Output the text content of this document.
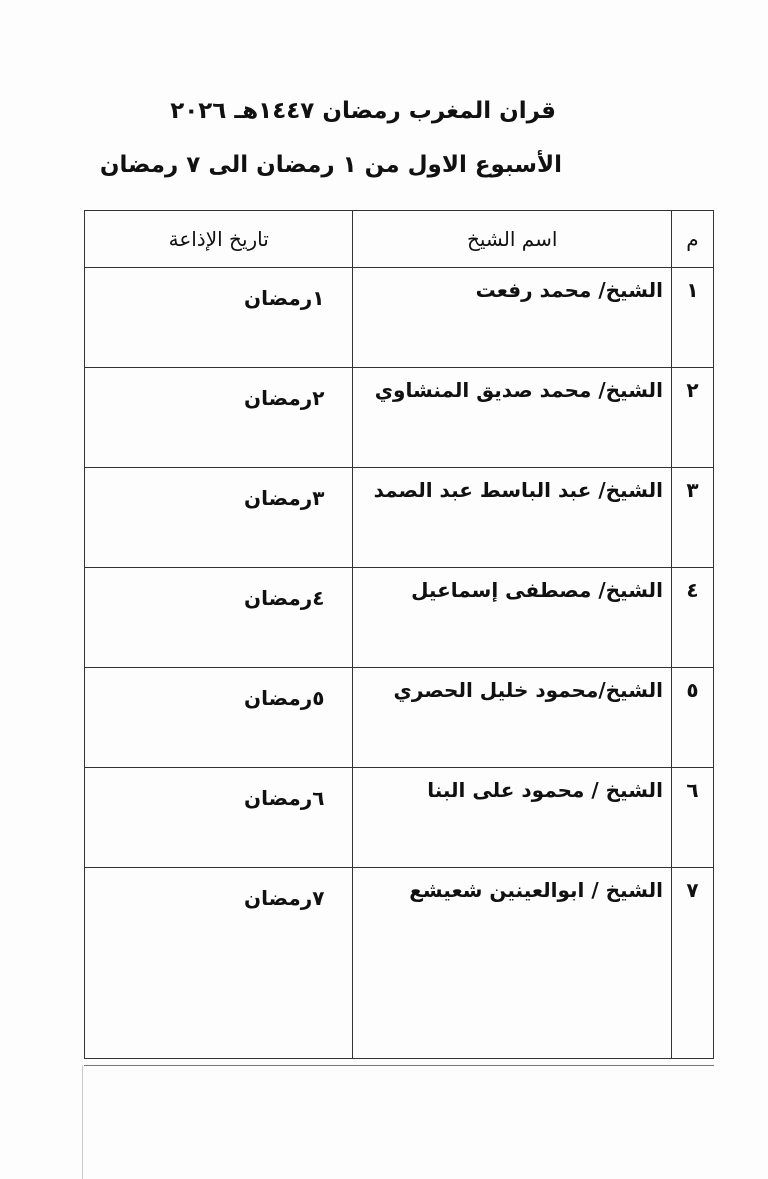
قران المغرب رمضان ١٤٤٧هـ ٢٠٢٦
الأسبوع الاول من ١ رمضان الى ٧ رمضان
م	اسم الشيخ	تاريخ الإذاعة

١	الشيخ/ محمد رفعت	١رمضان

٢	الشيخ/ محمد صديق المنشاوي	٢رمضان

٣	الشيخ/ عبد الباسط عبد الصمد	٣رمضان

٤	الشيخ/ مصطفى إسماعيل	٤رمضان

٥	الشيخ/محمود خليل الحصري	٥رمضان

٦	الشيخ / محمود على البنا	٦رمضان

٧	الشيخ / ابوالعينين شعيشع	٧رمضان
